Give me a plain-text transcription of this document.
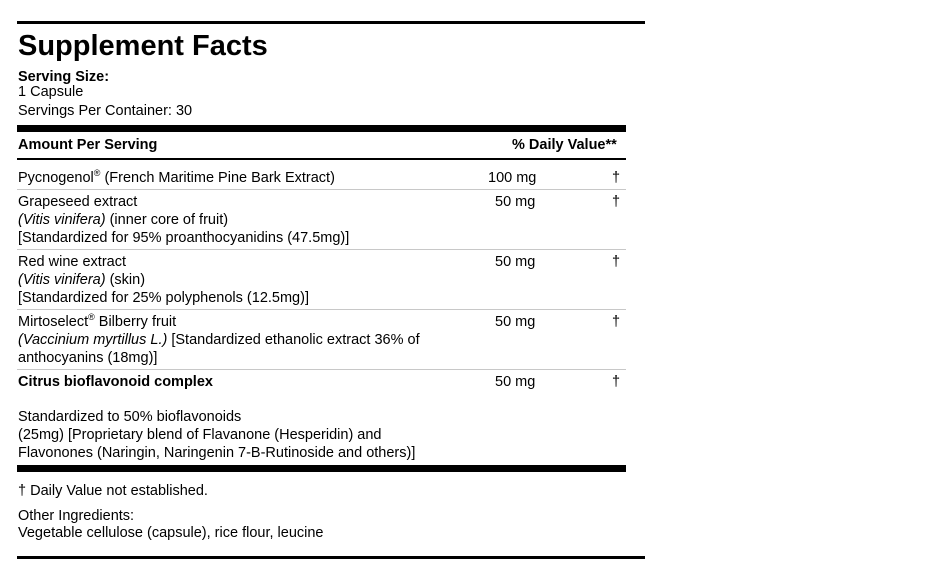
Supplement Facts
Serving Size:
1 Capsule
Servings Per Container: 30
Amount Per Serving	% Daily Value**
Pycnogenol® (French Maritime Pine Bark Extract)	100 mg	†
Grapeseed extract
(Vitis vinifera) (inner core of fruit)
[Standardized for 95% proanthocyanidins (47.5mg)]
50 mg	†
Red wine extract
(Vitis vinifera) (skin)
[Standardized for 25% polyphenols (12.5mg)]
50 mg	†
Mirtoselect® Bilberry fruit
(Vaccinium myrtillus L.) [Standardized ethanolic extract 36% of
anthocyanins (18mg)]
50 mg	†
Citrus bioflavonoid complex	50 mg	†
Standardized to 50% bioflavonoids
(25mg) [Proprietary blend of Flavanone (Hesperidin) and
Flavonones (Naringin, Naringenin 7-B-Rutinoside and others)]
† Daily Value not established.
Other Ingredients:
Vegetable cellulose (capsule), rice flour, leucine
